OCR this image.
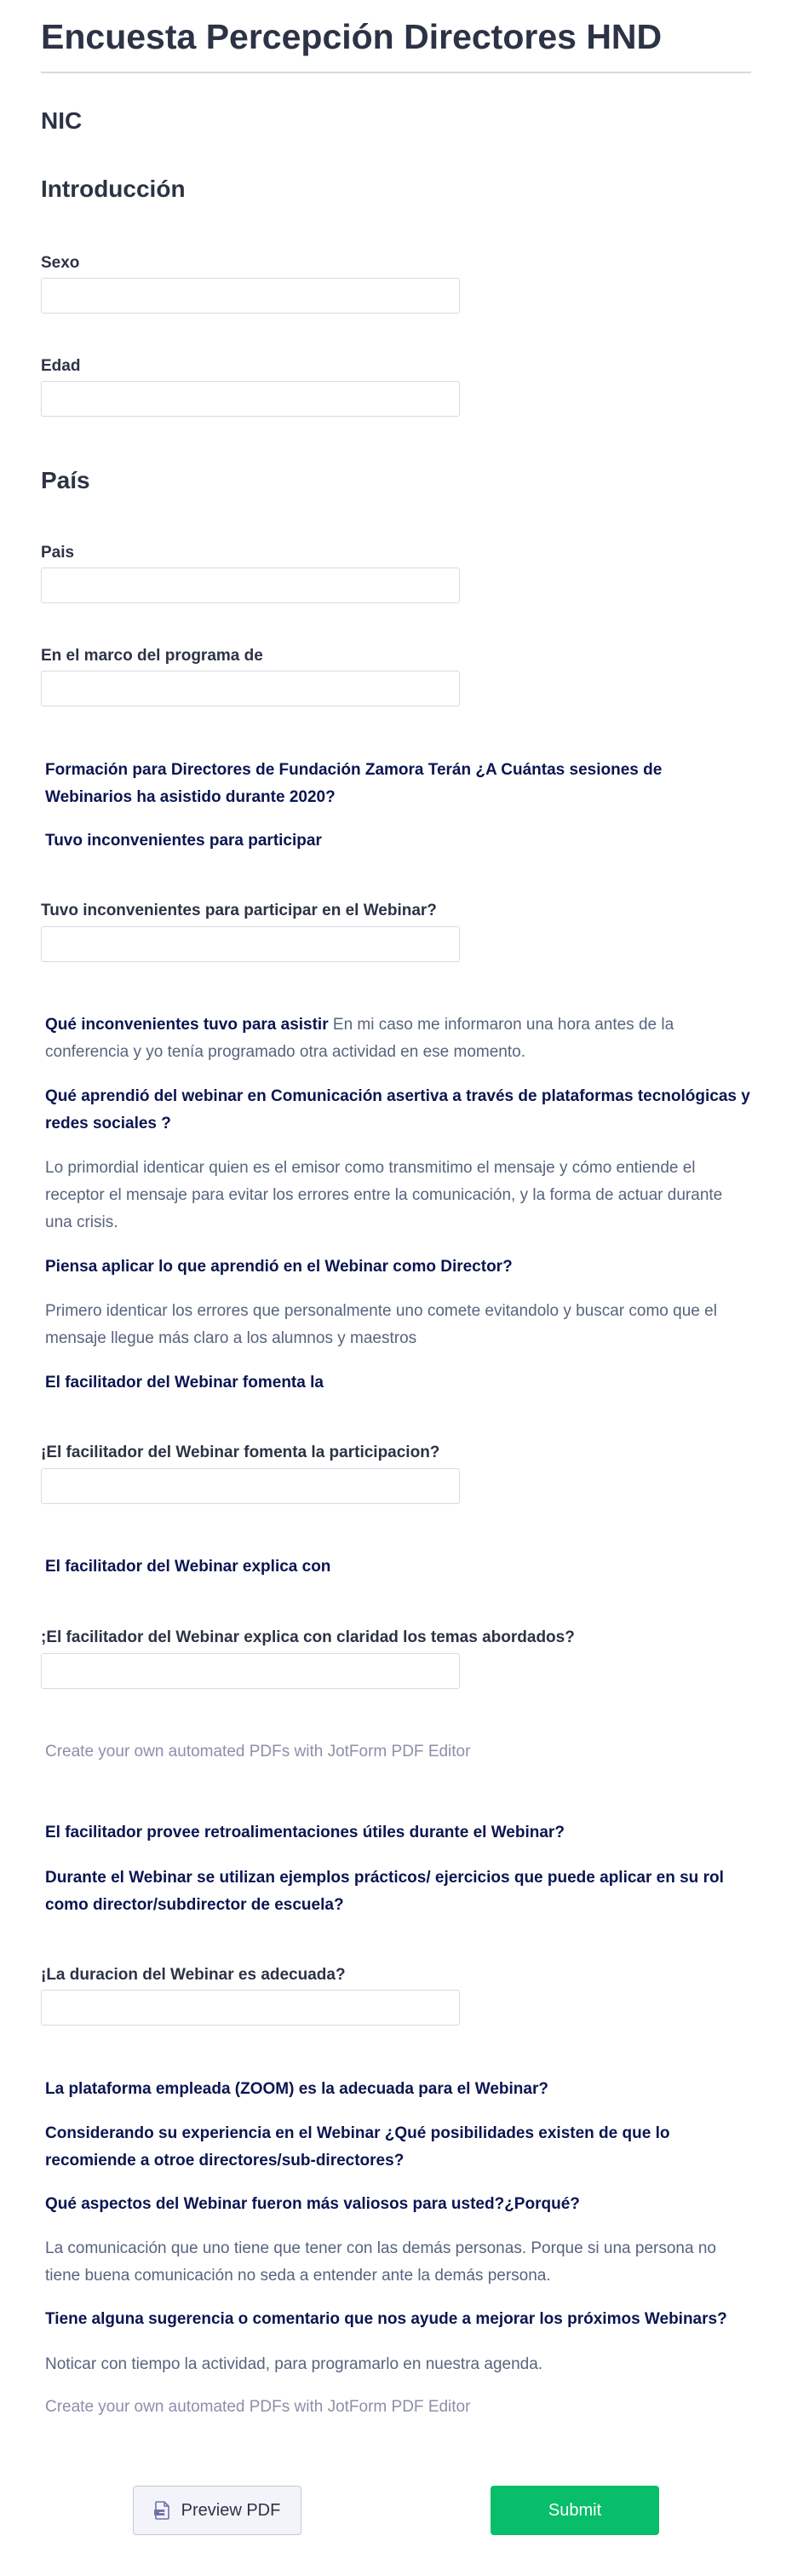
Encuesta Percepción Directores HND
NIC
Introducción
Sexo
Edad
País
Pais
En el marco del programa de
Formación para Directores de Fundación Zamora Terán ¿A Cuántas sesiones de Webinarios ha asistido durante 2020?
Tuvo inconvenientes para participar
Tuvo inconvenientes para participar en el Webinar?
Qué inconvenientes tuvo para asistir En mi caso me informaron una hora antes de la conferencia y yo tenía programado otra actividad en ese momento.
Qué aprendió del webinar en Comunicación asertiva a través de plataformas tecnológicas y redes sociales ?
Lo primordial identicar quien es el emisor como transmitimo el mensaje y cómo entiende el receptor el mensaje para evitar los errores entre la comunicación, y la forma de actuar durante una crisis.
Piensa aplicar lo que aprendió en el Webinar como Director?
Primero identicar los errores que personalmente uno comete evitandolo y buscar como que el mensaje llegue más claro a los alumnos y maestros
El facilitador del Webinar fomenta la
¡El facilitador del Webinar fomenta la participacion?
El facilitador del Webinar explica con
;El facilitador del Webinar explica con claridad los temas abordados?
Create your own automated PDFs with JotForm PDF Editor
El facilitador provee retroalimentaciones útiles durante el Webinar?
Durante el Webinar se utilizan ejemplos prácticos/ ejercicios que puede aplicar en su rol como director/subdirector de escuela?
¡La duracion del Webinar es adecuada?
La plataforma empleada (ZOOM) es la adecuada para el Webinar?
Considerando su experiencia en el Webinar ¿Qué posibilidades existen de que lo recomiende a otroe directores/sub-directores?
Qué aspectos del Webinar fueron más valiosos para usted?¿Porqué?
La comunicación que uno tiene que tener con las demás personas. Porque si una persona no tiene buena comunicación no seda a entender ante la demás persona.
Tiene alguna sugerencia o comentario que nos ayude a mejorar los próximos Webinars?
Noticar con tiempo la actividad, para programarlo en nuestra agenda.
Create your own automated PDFs with JotForm PDF Editor
Preview PDF	Submit
